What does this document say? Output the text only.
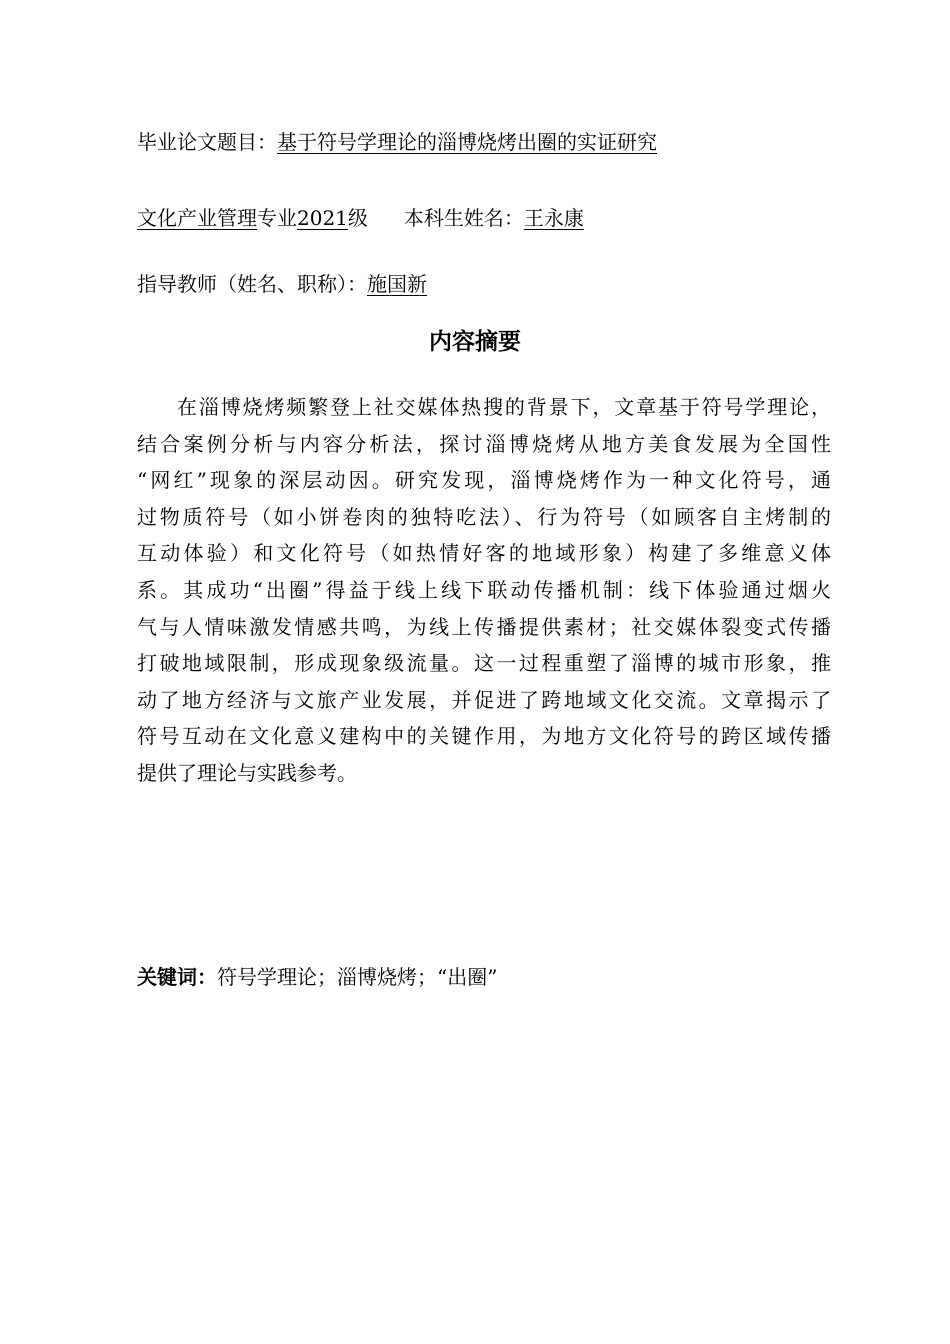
毕业论文题目：基于符号学理论的淄博烧烤出圈的实证研究
文化产业管理专业2021级 本科生姓名：王永康
指导教师（姓名、职称）：施国新
内容摘要
在淄博烧烤频繁登上社交媒体热搜的背景下，文章基于符号学理论，
结合案例分析与内容分析法，探讨淄博烧烤从地方美食发展为全国性
“网红”现象的深层动因。研究发现，淄博烧烤作为一种文化符号，通
过物质符号（如小饼卷肉的独特吃法）、行为符号（如顾客自主烤制的
互动体验）和文化符号（如热情好客的地域形象）构建了多维意义体
系。其成功“出圈”得益于线上线下联动传播机制：线下体验通过烟火
气与人情味激发情感共鸣，为线上传播提供素材；社交媒体裂变式传播
打破地域限制，形成现象级流量。这一过程重塑了淄博的城市形象，推
动了地方经济与文旅产业发展，并促进了跨地域文化交流。文章揭示了
符号互动在文化意义建构中的关键作用，为地方文化符号的跨区域传播
提供了理论与实践参考。
关键词：符号学理论；淄博烧烤；“出圈”
